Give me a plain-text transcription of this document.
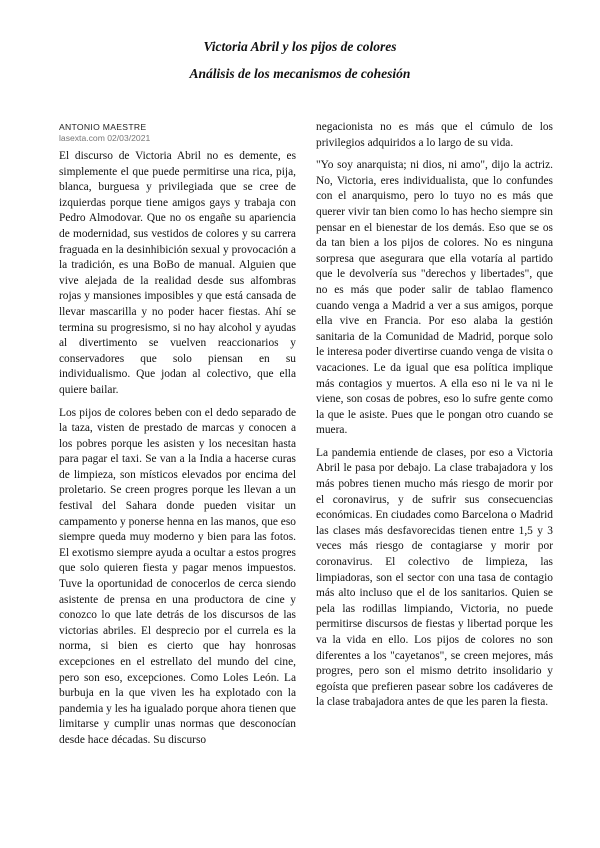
Victoria Abril y los pijos de colores
Análisis de los mecanismos de cohesión
ANTONIO MAESTRE
lasexta.com 02/03/2021

El discurso de Victoria Abril no es demente, es simplemente el que puede permitirse una rica, pija, blanca, burguesa y privilegiada que se cree de izquierdas porque tiene amigos gays y trabaja con Pedro Almodovar. Que no os engañe su apariencia de modernidad, sus vestidos de colores y su carrera fraguada en la desinhibición sexual y provocación a la tradición, es una BoBo de manual. Alguien que vive alejada de la realidad desde sus alfombras rojas y mansiones imposibles y que está cansada de llevar mascarilla y no poder hacer fiestas. Ahí se termina su progresismo, si no hay alcohol y ayudas al divertimento se vuelven reaccionarios y conservadores que solo piensan en su individualismo. Que jodan al colectivo, que ella quiere bailar.

Los pijos de colores beben con el dedo separado de la taza, visten de prestado de marcas y conocen a los pobres porque les asisten y los necesitan hasta para pagar el taxi. Se van a la India a hacerse curas de limpieza, son místicos elevados por encima del proletario. Se creen progres porque les llevan a un festival del Sahara donde pueden visitar un campamento y ponerse henna en las manos, que eso siempre queda muy moderno y bien para las fotos. El exotismo siempre ayuda a ocultar a estos progres que solo quieren fiesta y pagar menos impuestos. Tuve la oportunidad de conocerlos de cerca siendo asistente de prensa en una productora de cine y conozco lo que late detrás de los discursos de las victorias abriles. El desprecio por el currela es la norma, si bien es cierto que hay honrosas excepciones en el estrellato del mundo del cine, pero son eso, excepciones. Como Loles León. La burbuja en la que viven les ha explotado con la pandemia y les ha igualado porque ahora tienen que limitarse y cumplir unas normas que desconocían desde hace décadas. Su discurso

negacionista no es más que el cúmulo de los privilegios adquiridos a lo largo de su vida.

"Yo soy anarquista; ni dios, ni amo", dijo la actriz. No, Victoria, eres individualista, que lo confundes con el anarquismo, pero lo tuyo no es más que querer vivir tan bien como lo has hecho siempre sin pensar en el bienestar de los demás. Eso que se os da tan bien a los pijos de colores. No es ninguna sorpresa que asegurara que ella votaría al partido que le devolvería sus "derechos y libertades", que no es más que poder salir de tablao flamenco cuando venga a Madrid a ver a sus amigos, porque ella vive en Francia. Por eso alaba la gestión sanitaria de la Comunidad de Madrid, porque solo le interesa poder divertirse cuando venga de visita o vacaciones. Le da igual que esa política implique más contagios y muertos. A ella eso ni le va ni le viene, son cosas de pobres, eso lo sufre gente como la que le asiste. Pues que le pongan otro cuando se muera.

La pandemia entiende de clases, por eso a Victoria Abril le pasa por debajo. La clase trabajadora y los más pobres tienen mucho más riesgo de morir por el coronavirus, y de sufrir sus consecuencias económicas. En ciudades como Barcelona o Madrid las clases más desfavorecidas tienen entre 1,5 y 3 veces más riesgo de contagiarse y morir por coronavirus. El colectivo de limpieza, las limpiadoras, son el sector con una tasa de contagio más alto incluso que el de los sanitarios. Quien se pela las rodillas limpiando, Victoria, no puede permitirse discursos de fiestas y libertad porque les va la vida en ello. Los pijos de colores no son diferentes a los "cayetanos", se creen mejores, más progres, pero son el mismo detrito insolidario y egoísta que prefieren pasear sobre los cadáveres de la clase trabajadora antes de que les paren la fiesta.
